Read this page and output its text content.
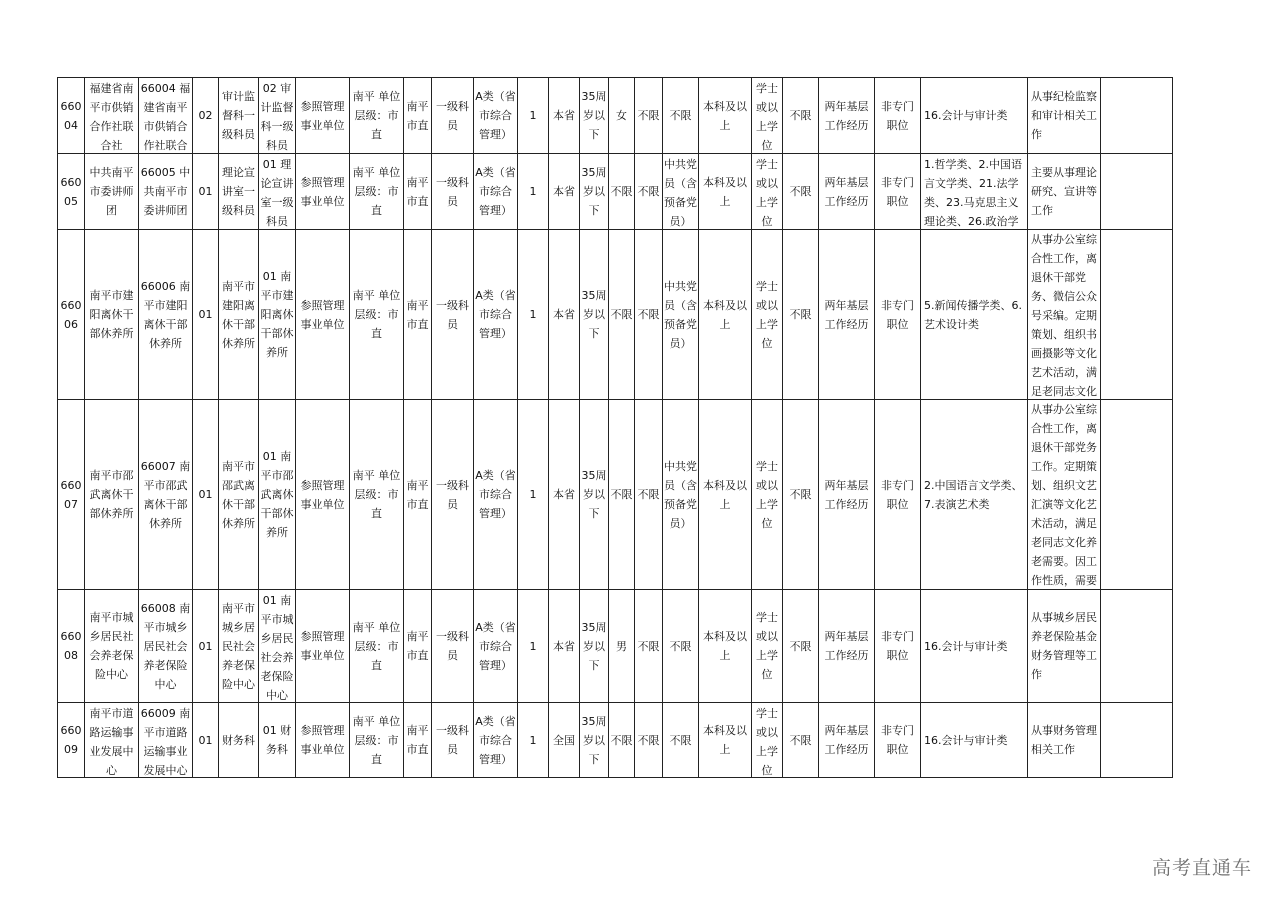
66004	福建省南平市供销合作社联合社	66004 福建省南平市供销合作社联合	02	审计监督科一级科员	02 审计监督科一级科员	参照管理事业单位	南平 单位层级：市直	南平市直	一级科员	A类（省市综合管理）	1	本省	35周岁以下	女	不限	不限	本科及以上	学士或以上学位	不限	两年基层工作经历	非专门职位	16.会计与审计类	从事纪检监察和审计相关工作	

66005	中共南平市委讲师团	66005 中共南平市委讲师团	01	理论宣讲室一级科员	01 理论宣讲室一级科员	参照管理事业单位	南平 单位层级：市直	南平市直	一级科员	A类（省市综合管理）	1	本省	35周岁以下	不限	不限	中共党员（含预备党员）	本科及以上	学士或以上学位	不限	两年基层工作经历	非专门职位	1.哲学类、2.中国语言文学类、21.法学类、23.马克思主义理论类、26.政治学	主要从事理论研究、宣讲等工作	

66006	南平市建阳离休干部休养所	66006 南平市建阳离休干部休养所	01	南平市建阳离休干部休养所	01 南平市建阳离休干部休养所	参照管理事业单位	南平 单位层级：市直	南平市直	一级科员	A类（省市综合管理）	1	本省	35周岁以下	不限	不限	中共党员（含预备党员）	本科及以上	学士或以上学位	不限	两年基层工作经历	非专门职位	5.新闻传播学类、6.艺术设计类	从事办公室综合性工作，离退休干部党务、微信公众号采编。定期策划、组织书画摄影等文化艺术活动，满足老同志文化	

66007	南平市邵武离休干部休养所	66007 南平市邵武离休干部休养所	01	南平市邵武离休干部休养所	01 南平市邵武离休干部休养所	参照管理事业单位	南平 单位层级：市直	南平市直	一级科员	A类（省市综合管理）	1	本省	35周岁以下	不限	不限	中共党员（含预备党员）	本科及以上	学士或以上学位	不限	两年基层工作经历	非专门职位	2.中国语言文学类、7.表演艺术类	从事办公室综合性工作，离退休干部党务工作。定期策划、组织文艺汇演等文化艺术活动，满足老同志文化养老需要。因工作性质，需要	

66008	南平市城乡居民社会养老保险中心	66008 南平市城乡居民社会养老保险中心	01	南平市城乡居民社会养老保险中心	01 南平市城乡居民社会养老保险中心	参照管理事业单位	南平 单位层级：市直	南平市直	一级科员	A类（省市综合管理）	1	本省	35周岁以下	男	不限	不限	本科及以上	学士或以上学位	不限	两年基层工作经历	非专门职位	16.会计与审计类	从事城乡居民养老保险基金财务管理等工作	

66009	南平市道路运输事业发展中心	66009 南平市道路运输事业发展中心	01	财务科	01 财务科	参照管理事业单位	南平 单位层级：市直	南平市直	一级科员	A类（省市综合管理）	1	全国	35周岁以下	不限	不限	不限	本科及以上	学士或以上学位	不限	两年基层工作经历	非专门职位	16.会计与审计类	从事财务管理相关工作	

高考直通车
